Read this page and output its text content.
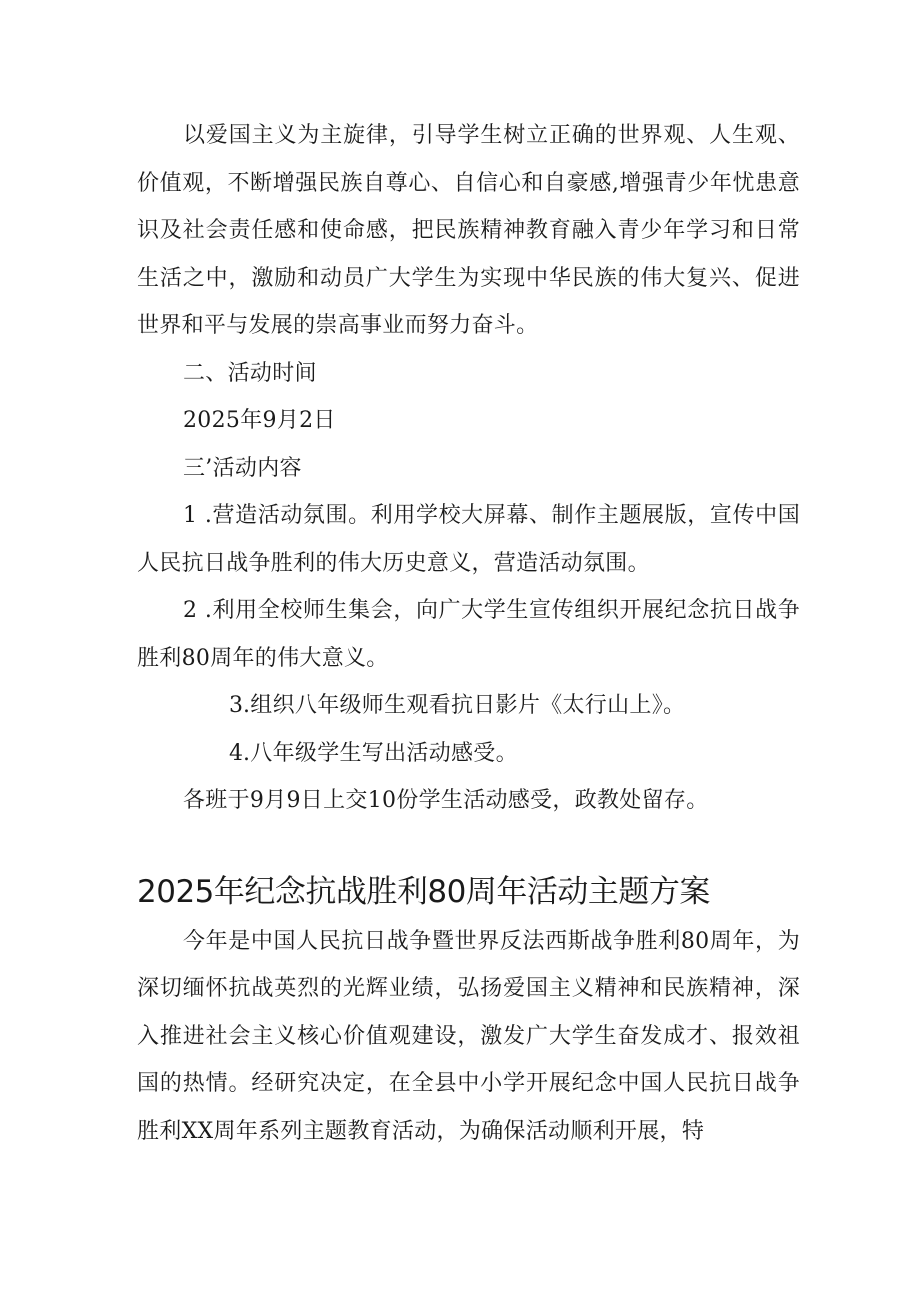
以爱国主义为主旋律，引导学生树立正确的世界观、人生观、价值观，不断增强民族自尊心、自信心和自豪感,增强青少年忧患意识及社会责任感和使命感，把民族精神教育融入青少年学习和日常生活之中，激励和动员广大学生为实现中华民族的伟大复兴、促进世界和平与发展的崇高事业而努力奋斗。

二、活动时间

2025年9月2日

三’活动内容

1 .营造活动氛围。利用学校大屏幕、制作主题展版，宣传中国人民抗日战争胜利的伟大历史意义，营造活动氛围。

2 .利用全校师生集会，向广大学生宣传组织开展纪念抗日战争胜利80周年的伟大意义。

3.组织八年级师生观看抗日影片《太行山上》。

4.八年级学生写出活动感受。

各班于9月9日上交10份学生活动感受，政教处留存。

2025年纪念抗战胜利80周年活动主题方案

今年是中国人民抗日战争暨世界反法西斯战争胜利80周年，为深切缅怀抗战英烈的光辉业绩，弘扬爱国主义精神和民族精神，深入推进社会主义核心价值观建设，激发广大学生奋发成才、报效祖国的热情。经研究决定，在全县中小学开展纪念中国人民抗日战争胜利XX周年系列主题教育活动，为确保活动顺利开展，特
